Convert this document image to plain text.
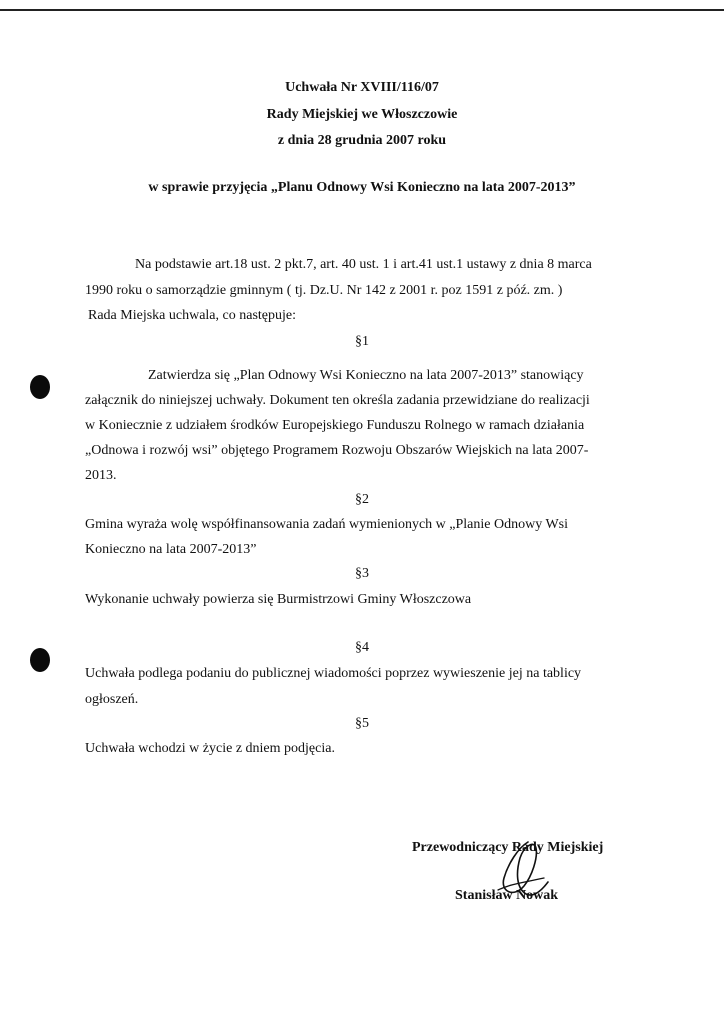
Uchwała Nr XVIII/116/07
Rady Miejskiej we Włoszczowie
z dnia 28 grudnia 2007 roku
w sprawie przyjęcia „Planu Odnowy Wsi Konieczno na lata 2007-2013”
Na podstawie art.18 ust. 2 pkt.7, art. 40 ust. 1 i art.41 ust.1 ustawy z dnia 8 marca
1990 roku o samorządzie gminnym ( tj. Dz.U. Nr 142 z 2001 r. poz 1591 z póź. zm. )
Rada Miejska uchwala, co następuje:
§1
Zatwierdza się „Plan Odnowy Wsi Konieczno na lata 2007-2013” stanowiący
załącznik do niniejszej uchwały. Dokument ten określa zadania przewidziane do realizacji
w Koniecznie z udziałem środków Europejskiego Funduszu Rolnego w ramach działania
„Odnowa i rozwój wsi” objętego Programem Rozwoju Obszarów Wiejskich na lata 2007-
2013.
§2
Gmina wyraża wolę współfinansowania zadań wymienionych w „Planie Odnowy Wsi
Konieczno na lata 2007-2013”
§3
Wykonanie uchwały powierza się Burmistrzowi Gminy Włoszczowa
§4
Uchwała podlega podaniu do publicznej wiadomości poprzez wywieszenie jej na tablicy
ogłoszeń.
§5
Uchwała wchodzi w życie z dniem podjęcia.
Przewodniczący Rady Miejskiej
Stanisław Nowak
